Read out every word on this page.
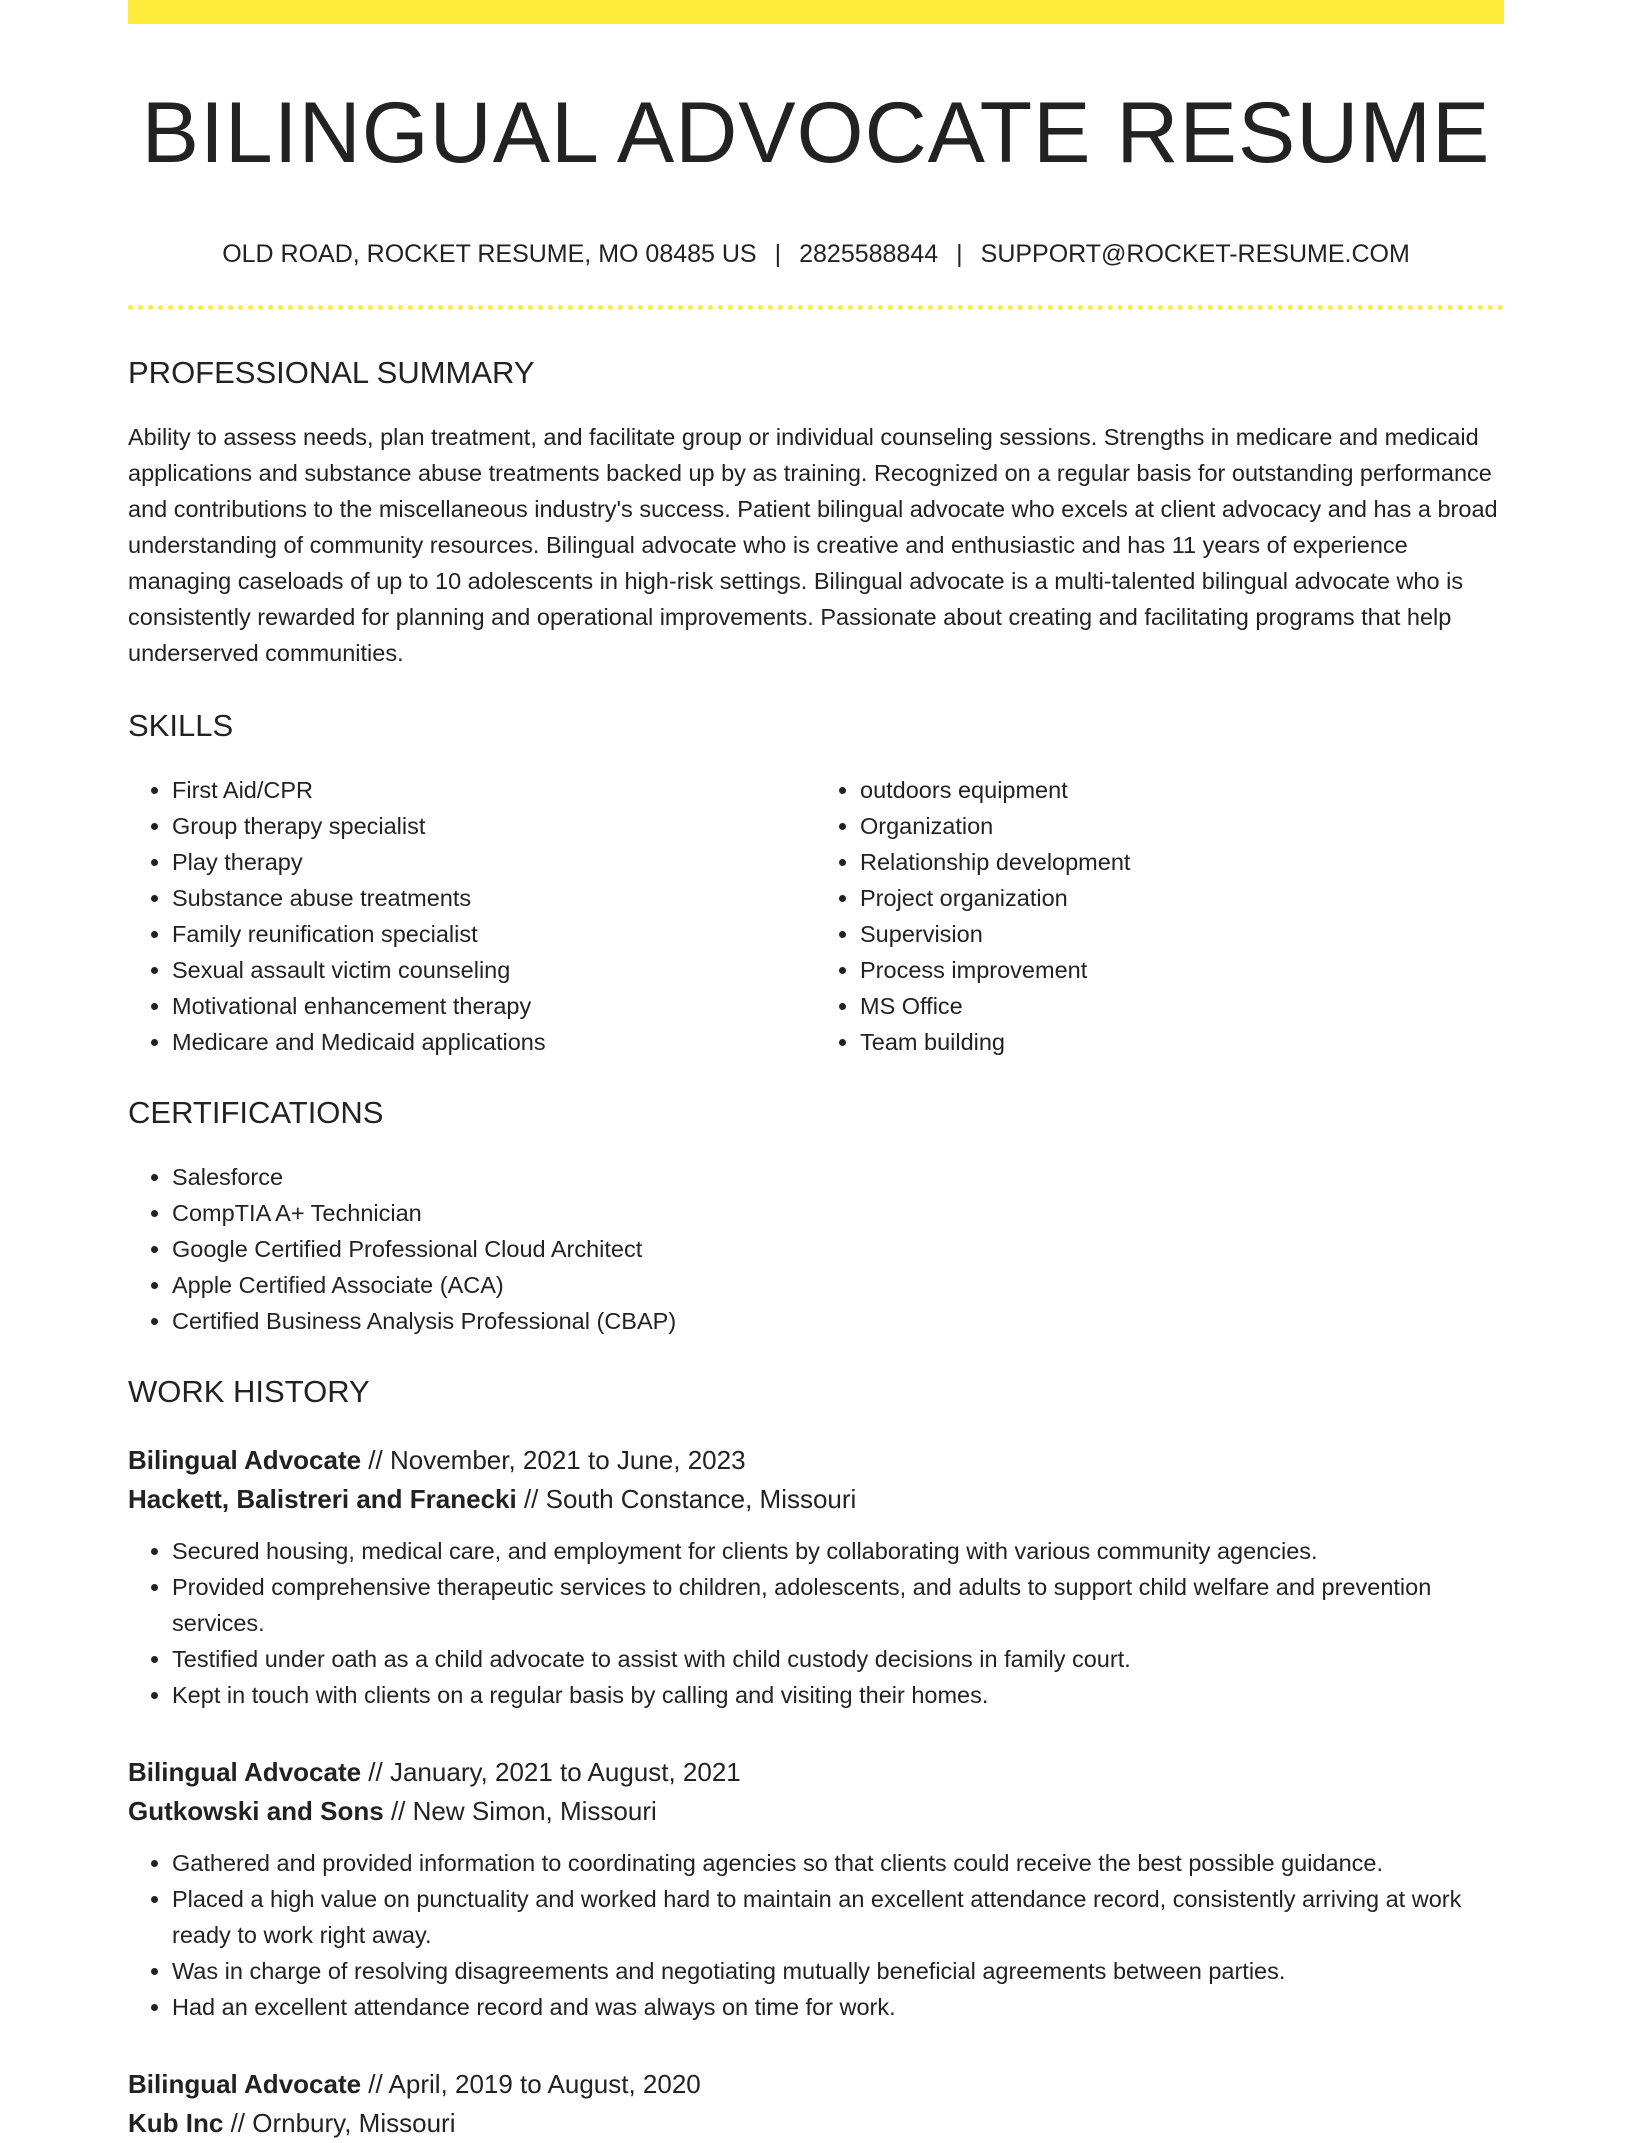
BILINGUAL ADVOCATE RESUME
OLD ROAD, ROCKET RESUME, MO 08485 US | 2825588844 | SUPPORT@ROCKET-RESUME.COM
PROFESSIONAL SUMMARY

Ability to assess needs, plan treatment, and facilitate group or individual counseling sessions. Strengths in medicare and medicaid applications and substance abuse treatments backed up by as training. Recognized on a regular basis for outstanding performance and contributions to the miscellaneous industry's success. Patient bilingual advocate who excels at client advocacy and has a broad understanding of community resources. Bilingual advocate who is creative and enthusiastic and has 11 years of experience managing caseloads of up to 10 adolescents in high-risk settings. Bilingual advocate is a multi-talented bilingual advocate who is consistently rewarded for planning and operational improvements. Passionate about creating and facilitating programs that help underserved communities.

SKILLS
• First Aid/CPR
• Group therapy specialist
• Play therapy
• Substance abuse treatments
• Family reunification specialist
• Sexual assault victim counseling
• Motivational enhancement therapy
• Medicare and Medicaid applications
• outdoors equipment
• Organization
• Relationship development
• Project organization
• Supervision
• Process improvement
• MS Office
• Team building
CERTIFICATIONS
• Salesforce
• CompTIA A+ Technician
• Google Certified Professional Cloud Architect
• Apple Certified Associate (ACA)
• Certified Business Analysis Professional (CBAP)
WORK HISTORY
Bilingual Advocate // November, 2021 to June, 2023
Hackett, Balistreri and Franecki // South Constance, Missouri
• Secured housing, medical care, and employment for clients by collaborating with various community agencies.
• Provided comprehensive therapeutic services to children, adolescents, and adults to support child welfare and prevention services.
• Testified under oath as a child advocate to assist with child custody decisions in family court.
• Kept in touch with clients on a regular basis by calling and visiting their homes.
Bilingual Advocate // January, 2021 to August, 2021
Gutkowski and Sons // New Simon, Missouri
• Gathered and provided information to coordinating agencies so that clients could receive the best possible guidance.
• Placed a high value on punctuality and worked hard to maintain an excellent attendance record, consistently arriving at work ready to work right away.
• Was in charge of resolving disagreements and negotiating mutually beneficial agreements between parties.
• Had an excellent attendance record and was always on time for work.
Bilingual Advocate // April, 2019 to August, 2020
Kub Inc // Ornbury, Missouri
